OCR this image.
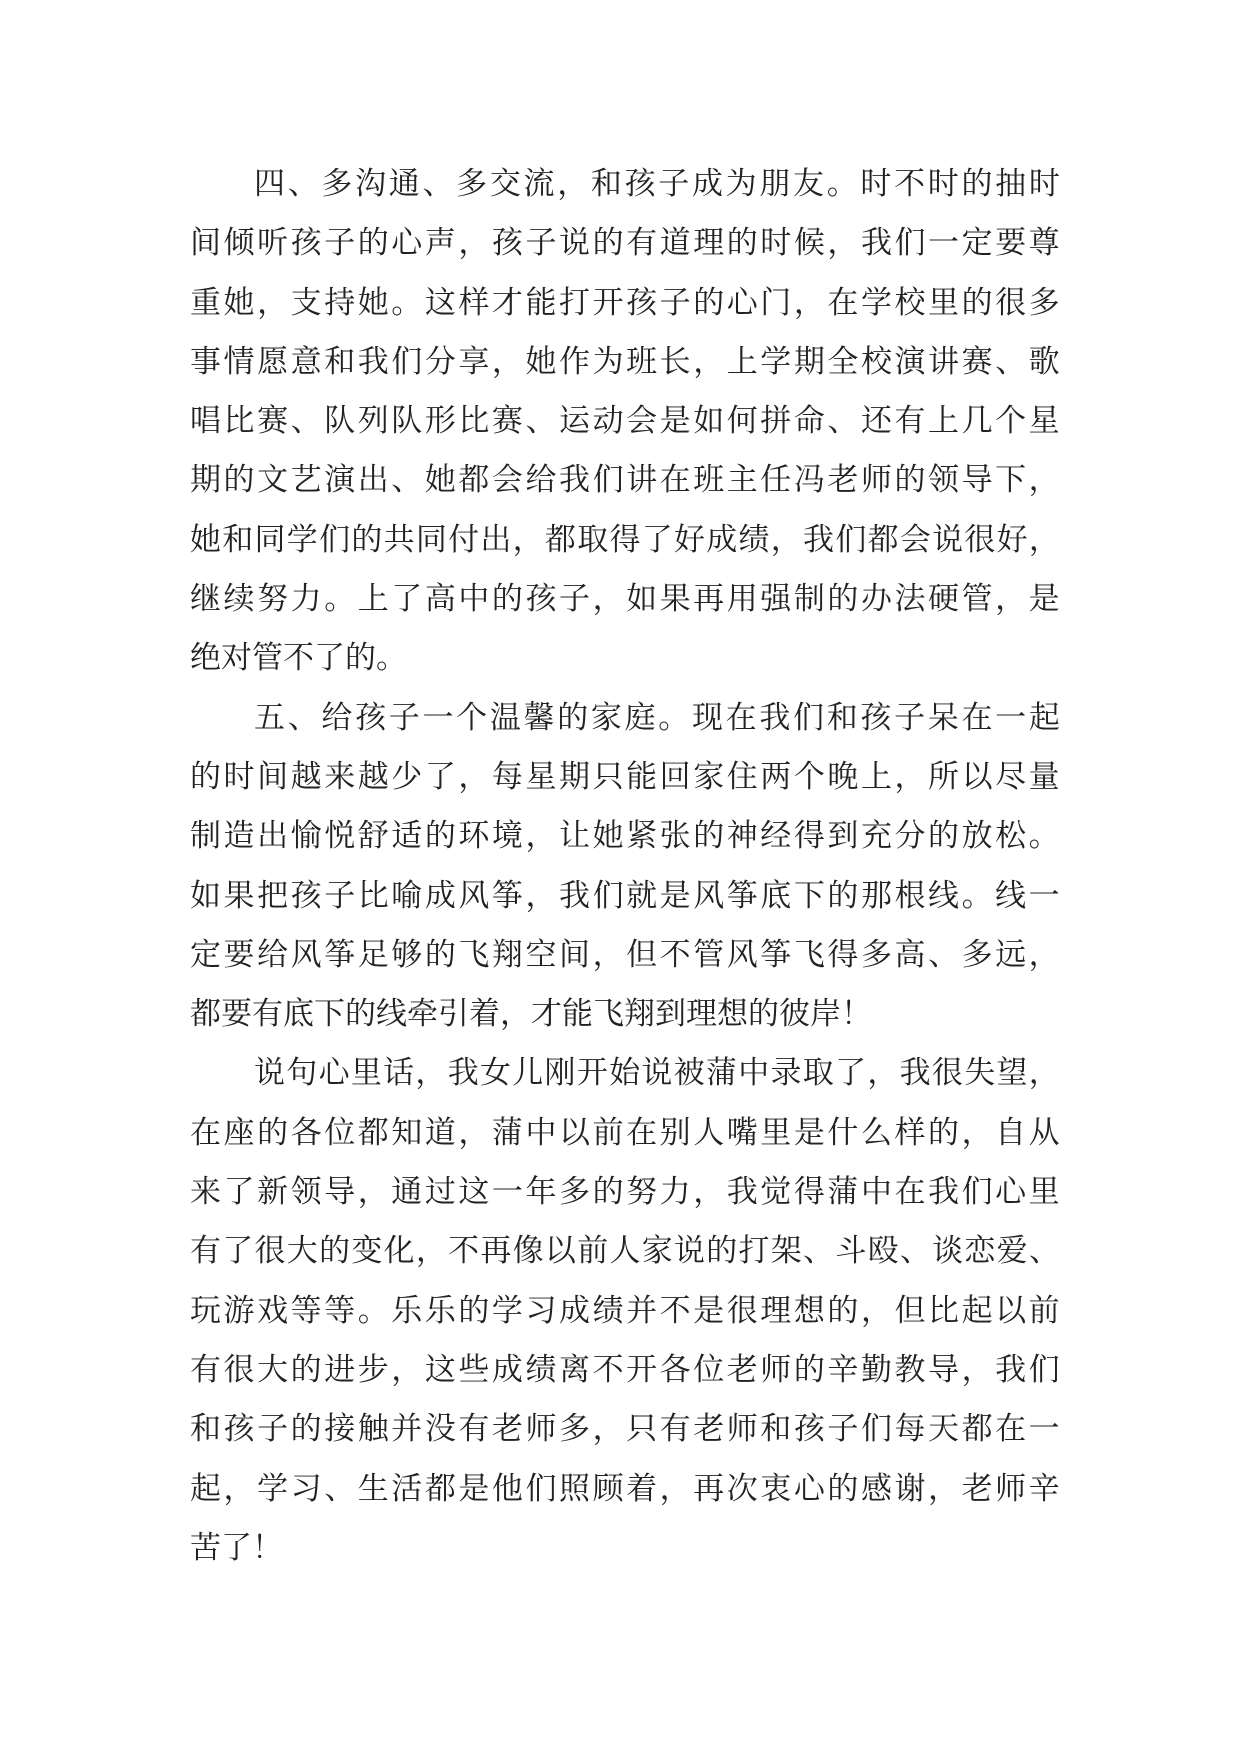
四 、 多 沟 通 、 多 交 流 ， 和 孩 子 成 为 朋 友 。 时 不 时 的 抽 时
间 倾 听 孩 子 的 心 声 ， 孩 子 说 的 有 道 理 的 时 候 ， 我 们 一 定 要 尊
重 她 ， 支 持 她 。 这 样 才 能 打 开 孩 子 的 心 门 ， 在 学 校 里 的 很 多
事 情 愿 意 和 我 们 分 享 ， 她 作 为 班 长 ， 上 学 期 全 校 演 讲 赛 、 歌
唱 比 赛 、 队 列 队 形 比 赛 、 运 动 会 是 如 何 拼 命 、 还 有 上 几 个 星
期 的 文 艺 演 出 、 她 都 会 给 我 们 讲 在 班 主 任 冯 老 师 的 领 导 下 ，
她 和 同 学 们 的 共 同 付 出 ， 都 取 得 了 好 成 绩 ， 我 们 都 会 说 很 好 ，
继 续 努 力 。 上 了 高 中 的 孩 子 ， 如 果 再 用 强 制 的 办 法 硬 管 ， 是
绝对管不了的。
五 、 给 孩 子 一 个 温 馨 的 家 庭 。 现 在 我 们 和 孩 子 呆 在 一 起
的 时 间 越 来 越 少 了 ， 每 星 期 只 能 回 家 住 两 个 晚 上 ， 所 以 尽 量
制 造 出 愉 悦 舒 适 的 环 境 ， 让 她 紧 张 的 神 经 得 到 充 分 的 放 松 。
如 果 把 孩 子 比 喻 成 风 筝 ， 我 们 就 是 风 筝 底 下 的 那 根 线 。 线 一
定 要 给 风 筝 足 够 的 飞 翔 空 间 ， 但 不 管 风 筝 飞 得 多 高 、 多 远 ，
都要有底下的线牵引着，才能飞翔到理想的彼岸！
说 句 心 里 话 ， 我 女 儿 刚 开 始 说 被 蒲 中 录 取 了 ， 我 很 失 望 ，
在 座 的 各 位 都 知 道 ， 蒲 中 以 前 在 别 人 嘴 里 是 什 么 样 的 ， 自 从
来 了 新 领 导 ， 通 过 这 一 年 多 的 努 力 ， 我 觉 得 蒲 中 在 我 们 心 里
有 了 很 大 的 变 化 ， 不 再 像 以 前 人 家 说 的 打 架 、 斗 殴 、 谈 恋 爱 、
玩 游 戏 等 等 。 乐 乐 的 学 习 成 绩 并 不 是 很 理 想 的 ， 但 比 起 以 前
有 很 大 的 进 步 ， 这 些 成 绩 离 不 开 各 位 老 师 的 辛 勤 教 导 ， 我 们
和 孩 子 的 接 触 并 没 有 老 师 多 ， 只 有 老 师 和 孩 子 们 每 天 都 在 一
起 ， 学 习 、 生 活 都 是 他 们 照 顾 着 ， 再 次 衷 心 的 感 谢 ， 老 师 辛
苦了！
